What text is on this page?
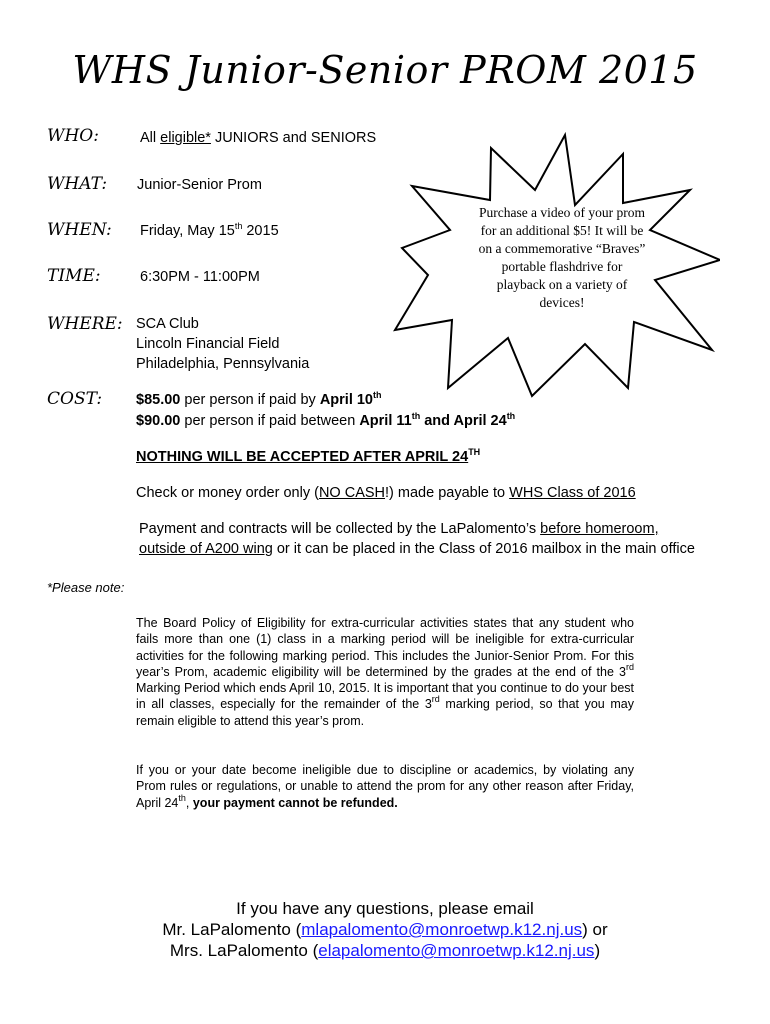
WHS Junior-Senior PROM 2015
WHO:	All eligible* JUNIORS and SENIORS
WHAT: Junior-Senior Prom
WHEN: Friday, May 15th 2015
TIME:	6:30PM - 11:00PM
WHERE: SCA Club
Lincoln Financial Field
Philadelphia, Pennsylvania
Purchase a video of your prom for an additional $5! It will be on a commemorative “Braves” portable flashdrive for playback on a variety of devices!
COST: $85.00 per person if paid by April 10th
$90.00 per person if paid between April 11th and April 24th
NOTHING WILL BE ACCEPTED AFTER APRIL 24TH
Check or money order only (NO CASH!) made payable to WHS Class of 2016
Payment and contracts will be collected by the LaPalomento’s before homeroom,
outside of A200 wing or it can be placed in the Class of 2016 mailbox in the main office
*Please note:
The Board Policy of Eligibility for extra-curricular activities states that any student who fails more than one (1) class in a marking period will be ineligible for extra-curricular activities for the following marking period. This includes the Junior-Senior Prom. For this year’s Prom, academic eligibility will be determined by the grades at the end of the 3rd Marking Period which ends April 10, 2015. It is important that you continue to do your best in all classes, especially for the remainder of the 3rd marking period, so that you may remain eligible to attend this year’s prom.
If you or your date become ineligible due to discipline or academics, by violating any Prom rules or regulations, or unable to attend the prom for any other reason after Friday, April 24th, your payment cannot be refunded.
If you have any questions, please email
Mr. LaPalomento (mlapalomento@monroetwp.k12.nj.us) or
Mrs. LaPalomento (elapalomento@monroetwp.k12.nj.us)
